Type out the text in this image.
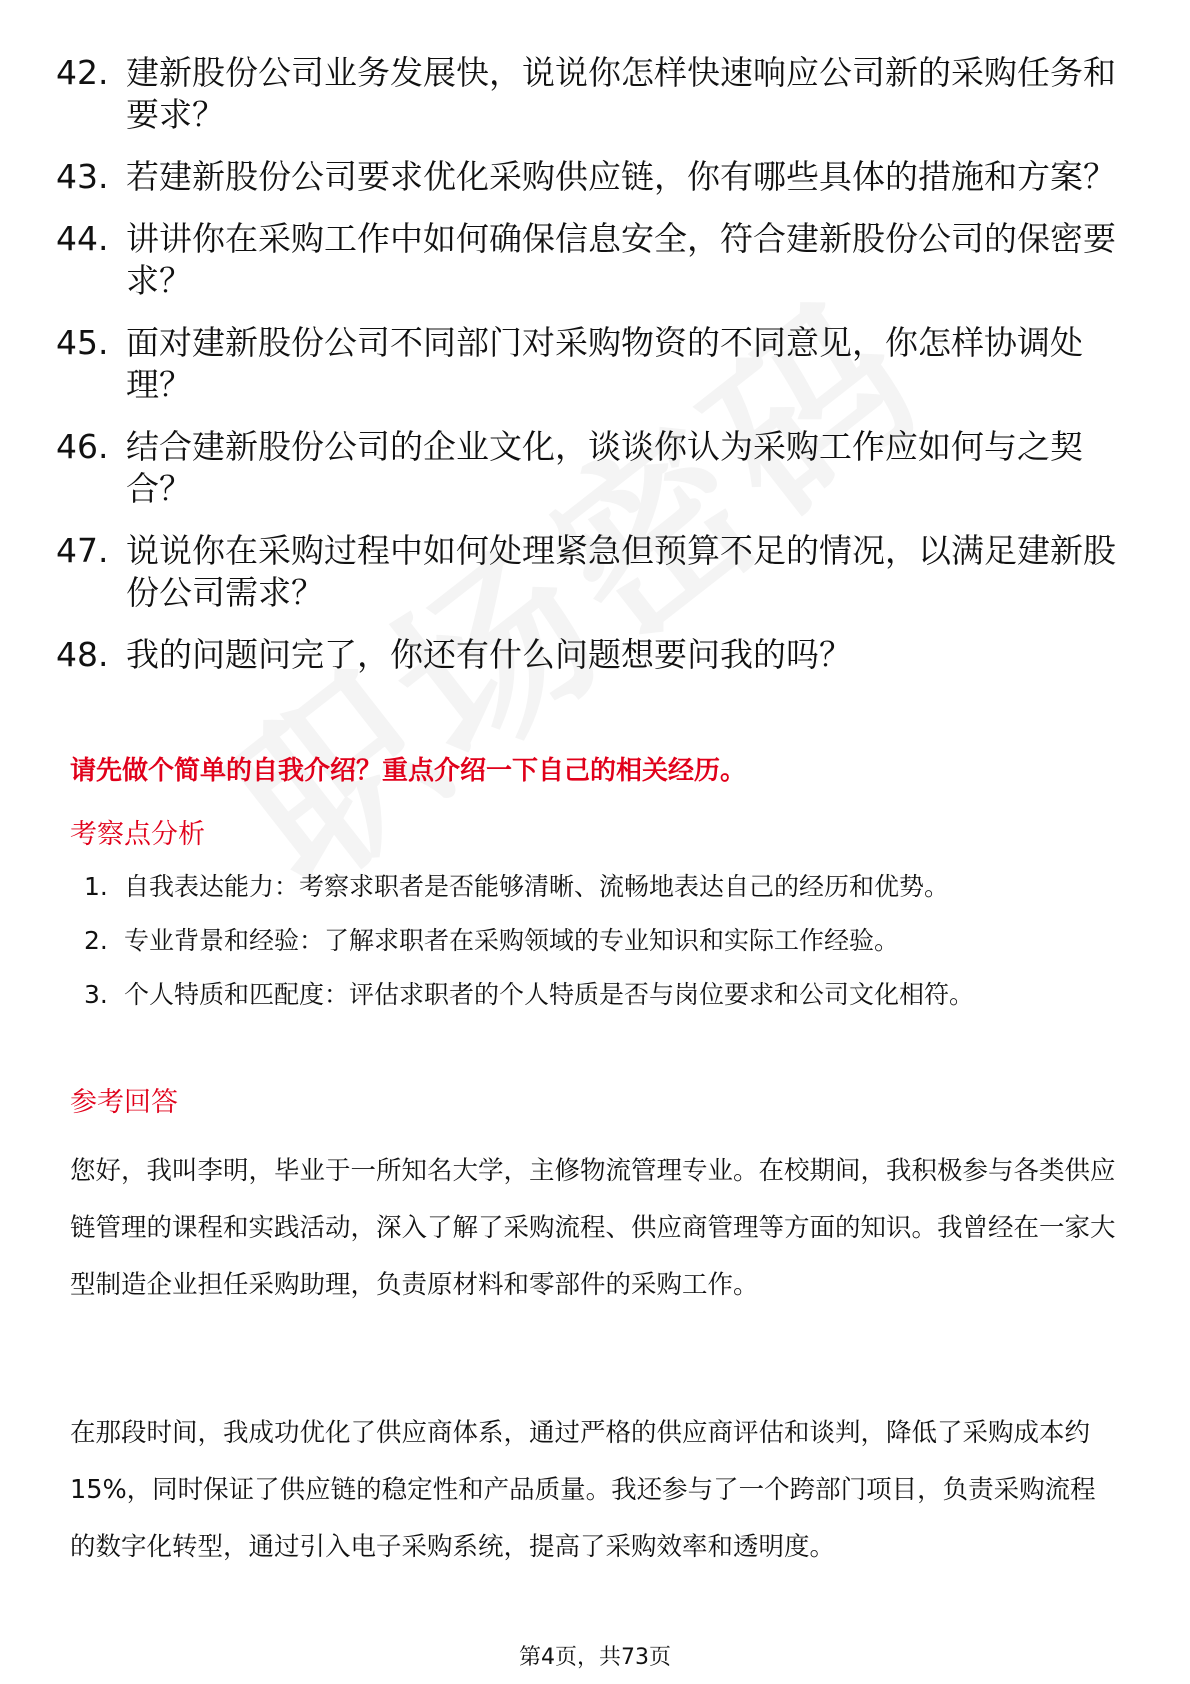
42. 建新股份公司业务发展快，说说你怎样快速响应公司新的采购任务和要求？
43. 若建新股份公司要求优化采购供应链，你有哪些具体的措施和方案？
44. 讲讲你在采购工作中如何确保信息安全，符合建新股份公司的保密要求？
45. 面对建新股份公司不同部门对采购物资的不同意见，你怎样协调处理？
46. 结合建新股份公司的企业文化，谈谈你认为采购工作应如何与之契合？
47. 说说你在采购过程中如何处理紧急但预算不足的情况，以满足建新股份公司需求？
48. 我的问题问完了，你还有什么问题想要问我的吗？
请先做个简单的自我介绍？重点介绍一下自己的相关经历。
考察点分析
1. 自我表达能力：考察求职者是否能够清晰、流畅地表达自己的经历和优势。
2. 专业背景和经验：了解求职者在采购领域的专业知识和实际工作经验。
3. 个人特质和匹配度：评估求职者的个人特质是否与岗位要求和公司文化相符。
参考回答

您好，我叫李明，毕业于一所知名大学，主修物流管理专业。在校期间，我积极参与各类供应链管理的课程和实践活动，深入了解了采购流程、供应商管理等方面的知识。我曾经在一家大型制造企业担任采购助理，负责原材料和零部件的采购工作。

在那段时间，我成功优化了供应商体系，通过严格的供应商评估和谈判，降低了采购成本约15%，同时保证了供应链的稳定性和产品质量。我还参与了一个跨部门项目，负责采购流程的数字化转型，通过引入电子采购系统，提高了采购效率和透明度。

第4页，共73页
